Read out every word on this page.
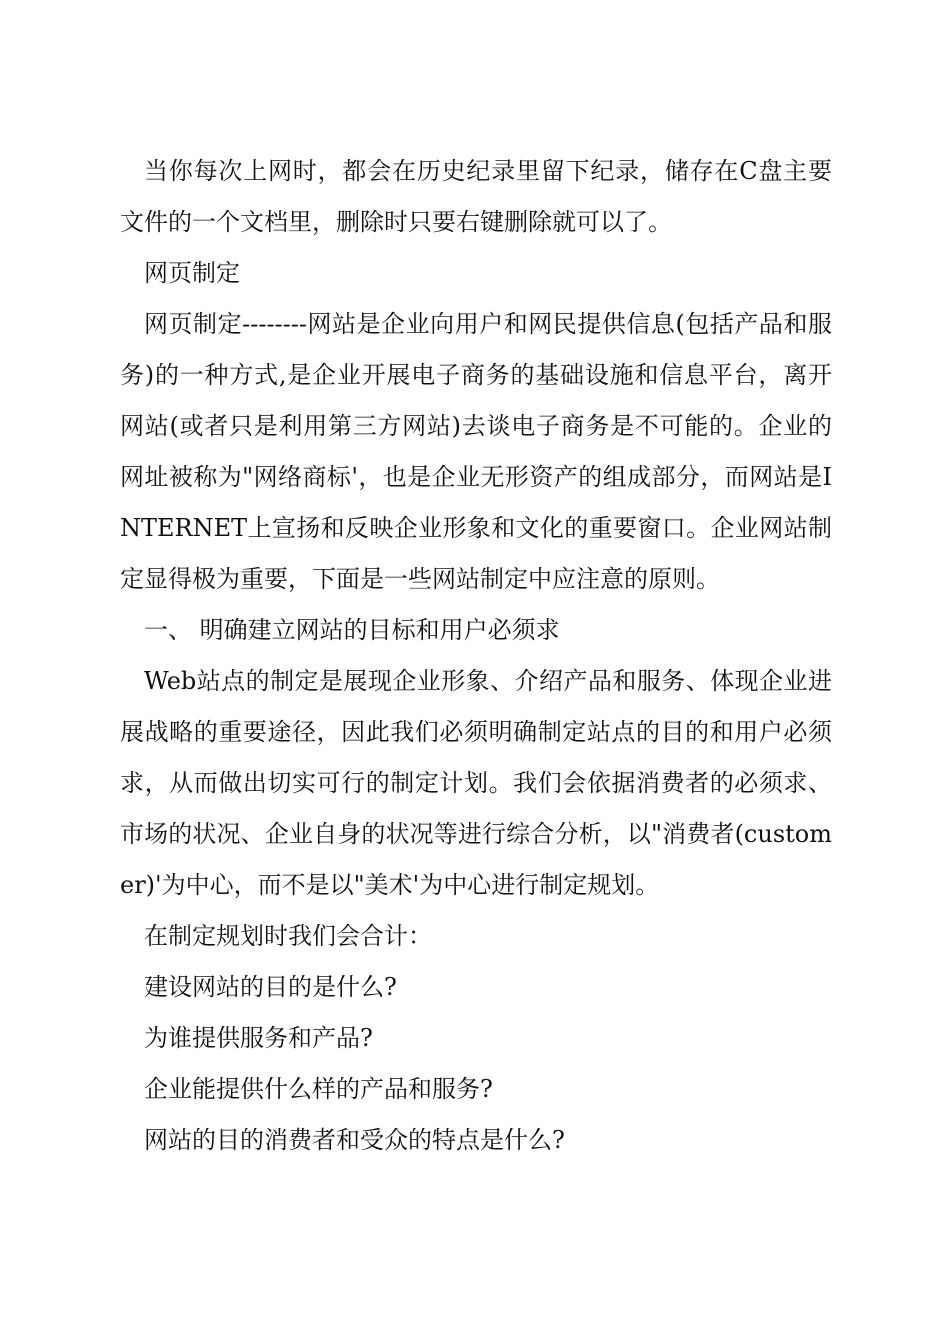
当你每次上网时，都会在历史纪录里留下纪录，储存在C盘主要文件的一个文档里，删除时只要右键删除就可以了。

网页制定

网页制定--------网站是企业向用户和网民提供信息(包括产品和服务)的一种方式,是企业开展电子商务的基础设施和信息平台，离开网站(或者只是利用第三方网站)去谈电子商务是不可能的。企业的网址被称为"网络商标'，也是企业无形资产的组成部分，而网站是INTERNET上宣扬和反映企业形象和文化的重要窗口。企业网站制定显得极为重要，下面是一些网站制定中应注意的原则。

一、 明确建立网站的目标和用户必须求

Web站点的制定是展现企业形象、介绍产品和服务、体现企业进展战略的重要途径，因此我们必须明确制定站点的目的和用户必须求，从而做出切实可行的制定计划。我们会依据消费者的必须求、市场的状况、企业自身的状况等进行综合分析，以"消费者(customer)'为中心，而不是以"美术'为中心进行制定规划。

在制定规划时我们会合计：

建设网站的目的是什么?

为谁提供服务和产品?

企业能提供什么样的产品和服务?

网站的目的消费者和受众的特点是什么?
